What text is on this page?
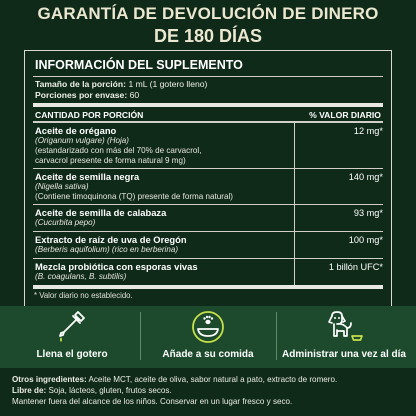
GARANTÍA DE DEVOLUCIÓN DE DINERO
DE 180 DÍAS
INFORMACIÓN DEL SUPLEMENTO
Tamaño de la porción: 1 mL (1 gotero lleno)
Porciones por envase: 60
CANTIDAD POR PORCIÓN	% VALOR DIARIO
Aceite de orégano
(Origanum vulgare) (Hoja)
(estandarizado con más del 70% de carvacrol,
carvacrol presente de forma natural 9 mg)
12 mg*
Aceite de semilla negra
(Nigella sativa)
(Contiene timoquinona (TQ) presente de forma natural)
140 mg*
Aceite de semilla de calabaza
(Cucurbita pepo)
93 mg*
Extracto de raíz de uva de Oregón
(Berberis aquifolium) (rico en berberina)
100 mg*
Mezcla probiótica con esporas vivas
(B. coagulans, B. subtilis)
1 billón UFC*
* Valor diario no establecido.
Llena el gotero	Añade a su comida	Administrar una vez al día
Otros ingredientes: Aceite MCT, aceite de oliva, sabor natural a pato, extracto de romero.
Libre de: Soja, lácteos, gluten, frutos secos.
Mantener fuera del alcance de los niños. Conservar en un lugar fresco y seco.
